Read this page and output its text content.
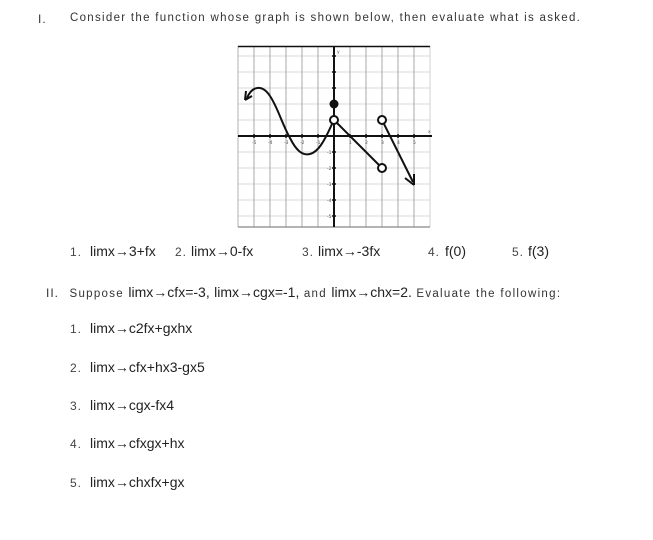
I. Consider the function whose graph is shown below, then evaluate what is asked.
-5	-4	-3	-2	-1	1	2	3	4	5
x
y
-1
-2
-3
-4
-5
1. limx→3+fx 2. limx→0-fx	3. limx→-3fx	4. f(0)	5. f(3)
II. Suppose limx→cfx=-3, limx→cgx=-1, and limx→chx=2. Evaluate the following:
1. limx→c2fx+gxhx
2. limx→cfx+hx3-gx5
3. limx→cgx-fx4
4. limx→cfxgx+hx
5. limx→chxfx+gx
